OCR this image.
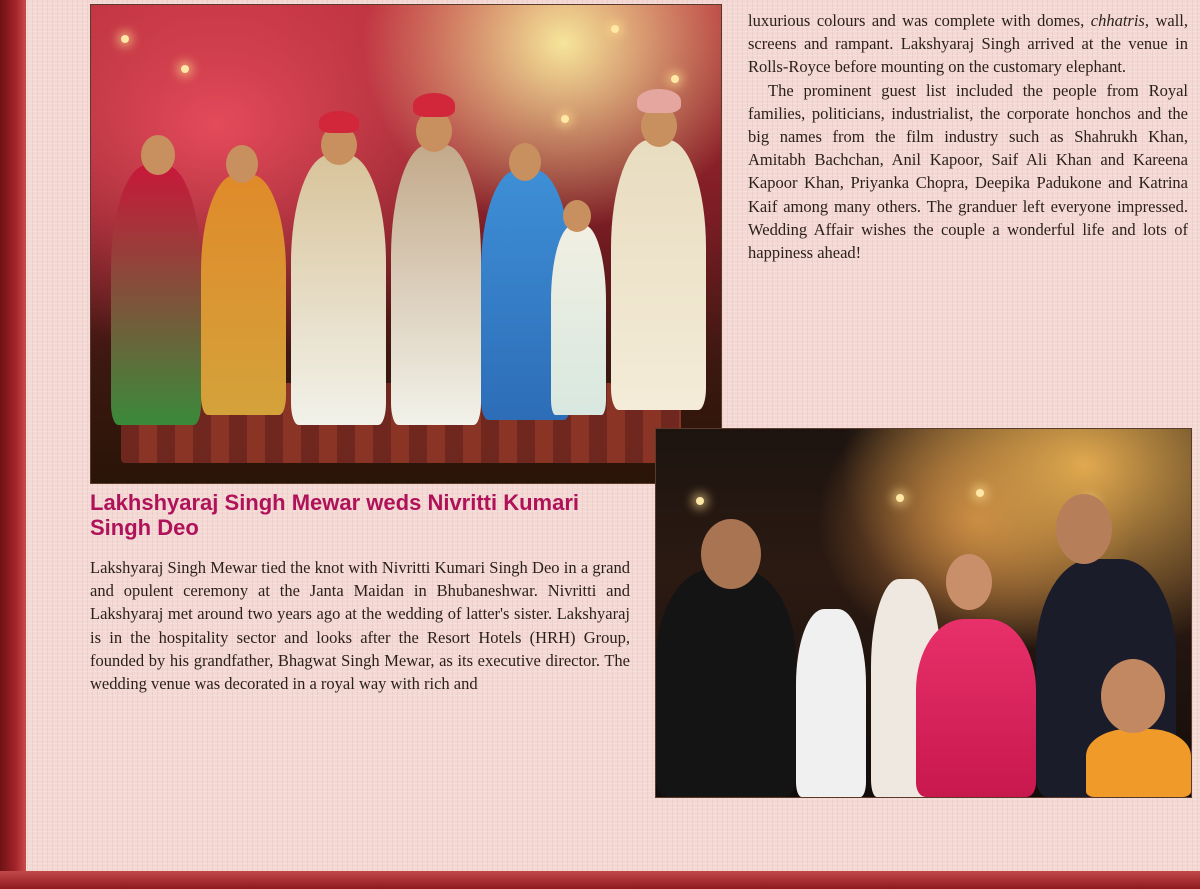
Lakhshyaraj Singh Mewar weds Nivritti Kumari Singh Deo

Lakshyaraj Singh Mewar tied the knot with Nivritti Kumari Singh Deo in a grand and opulent ceremony at the Janta Maidan in Bhubaneshwar. Nivritti and Lakshyaraj met around two years ago at the wedding of latter's sister. Lakshyaraj is in the hospitality sector and looks after the Resort Hotels (HRH) Group, founded by his grandfather, Bhagwat Singh Mewar, as its executive director. The wedding venue was decorated in a royal way with rich and

luxurious colours and was complete with domes, chhatris, wall, screens and rampant. Lakshyaraj Singh arrived at the venue in Rolls-Royce before mounting on the customary elephant.

The prominent guest list included the people from Royal families, politicians, industrialist, the corporate honchos and the big names from the film industry such as Shahrukh Khan, Amitabh Bachchan, Anil Kapoor, Saif Ali Khan and Kareena Kapoor Khan, Priyanka Chopra, Deepika Padukone and Katrina Kaif among many others. The granduer left everyone impressed. Wedding Affair wishes the couple a wonderful life and lots of happiness ahead!
